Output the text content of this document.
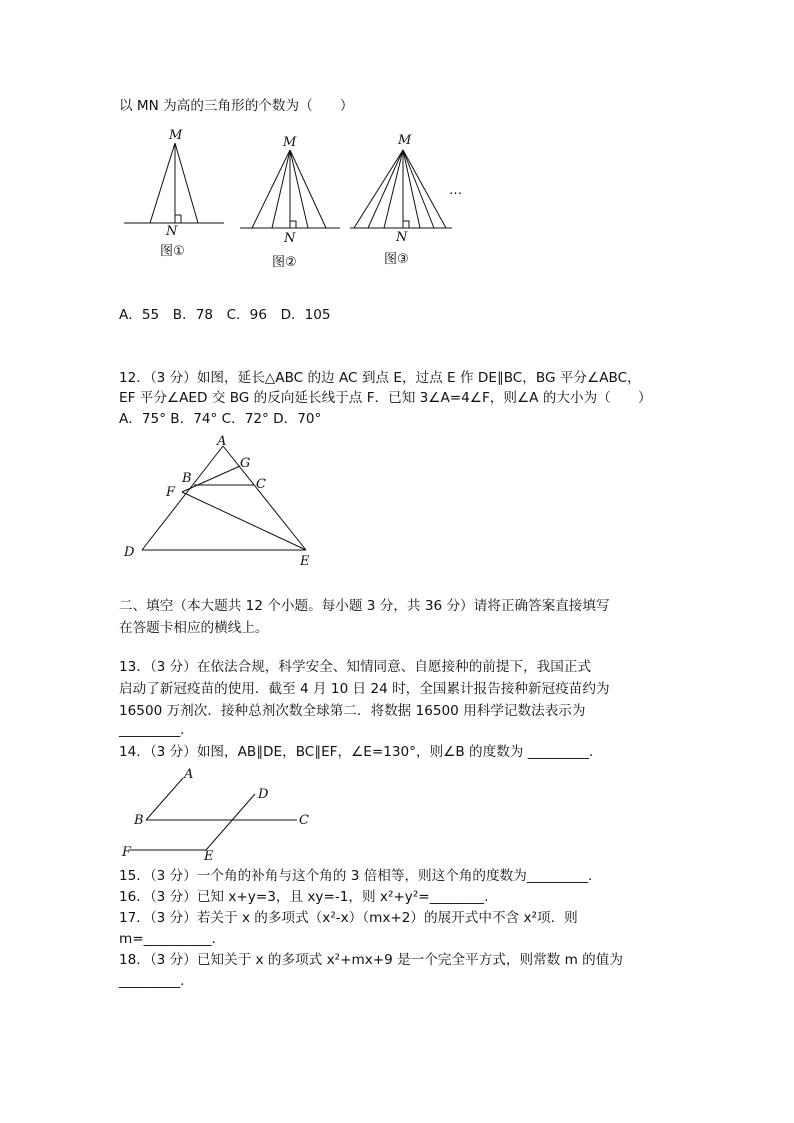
以 MN 为高的三角形的个数为（　　）
M
N
图①
M
N
图②
M
N
图③
…
A．55　B．78　C．96　D．105
12．（3 分）如图，延长△ABC 的边 AC 到点 E，过点 E 作 DE∥BC，BG 平分∠ABC，
EF 平分∠AED 交 BG 的反向延长线于点 F．已知 3∠A=4∠F，则∠A 的大小为（　　）
A．75° B．74° C．72° D．70°
A
G
B	C
F
D
E
二、填空（本大题共 12 个小题。每小题 3 分，共 36 分）请将正确答案直接填写
在答题卡相应的横线上。
13．（3 分）在依法合规，科学安全、知情同意、自愿接种的前提下，我国正式
启动了新冠疫苗的使用．截至 4 月 10 日 24 时，全国累计报告接种新冠疫苗约为
16500 万剂次．接种总剂次数全球第二．将数据 16500 用科学记数法表示为
_________.
14．（3 分）如图，AB∥DE，BC∥EF，∠E=130°，则∠B 的度数为 _________.
A
B	C
D
E
F
15．（3 分）一个角的补角与这个角的 3 倍相等，则这个角的度数为_________.
16．（3 分）已知 x+y=3，且 xy=-1，则 x²+y²=________.
17．（3 分）若关于 x 的多项式（x²-x）（mx+2）的展开式中不含 x²项．则
m=__________.
18．（3 分）已知关于 x 的多项式 x²+mx+9 是一个完全平方式，则常数 m 的值为
_________.
